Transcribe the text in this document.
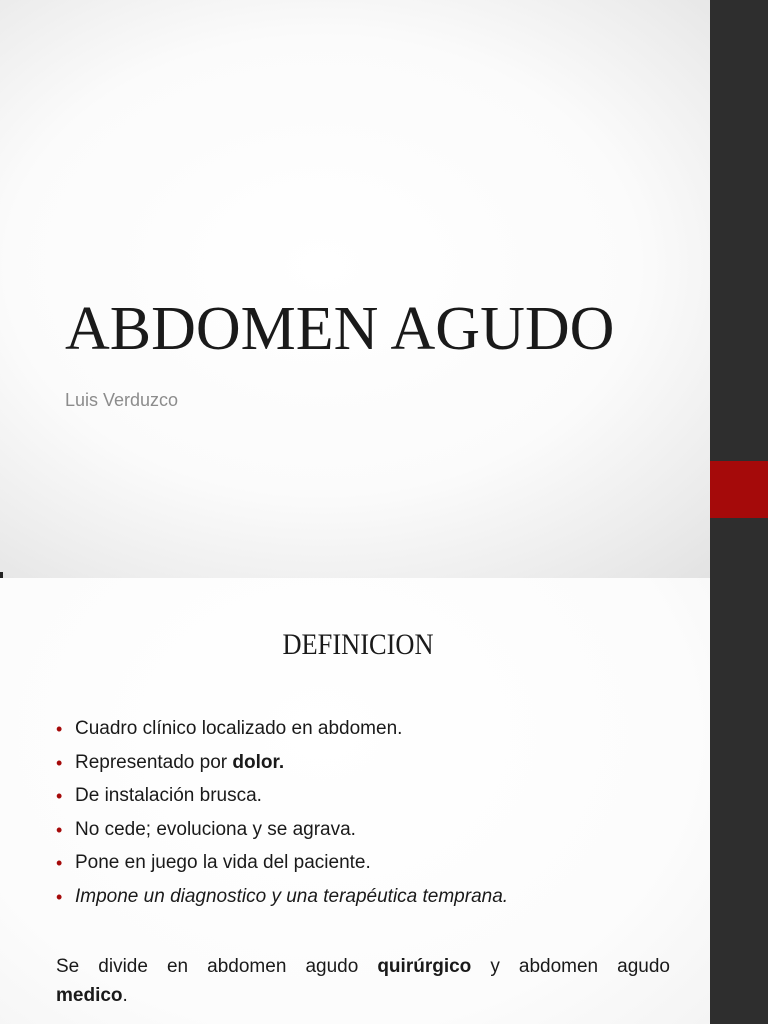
ABDOMEN AGUDO

Luis Verduzco

DEFINICION
• Cuadro clínico localizado en abdomen.
• Representado por dolor.
• De instalación brusca.
• No cede; evoluciona y se agrava.
• Pone en juego la vida del paciente.
• Impone un diagnostico y una terapéutica temprana.

Se divide en abdomen agudo quirúrgico y abdomen agudo
medico.
